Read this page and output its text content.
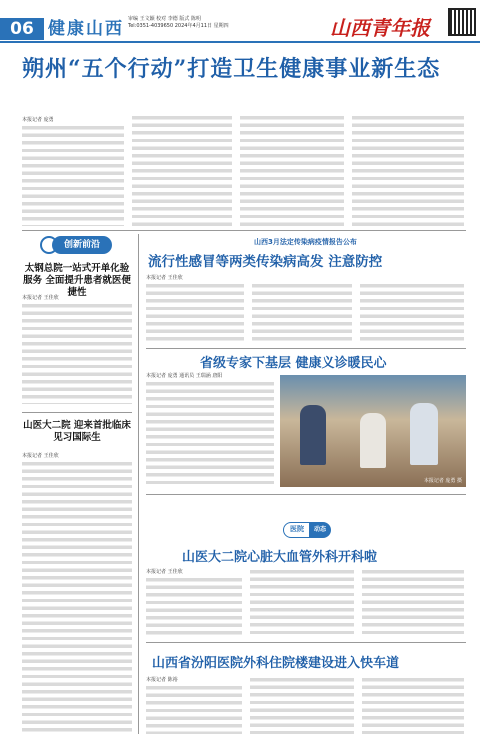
06 健康山西 审编 王文颖 校对 李德 版式 陈明
Tel:0351-4039650 2024年4月11日 星期四	山西青年报
朔州“五个行动”打造卫生健康事业新生态
本报记者 庞勇
创新前沿
太钢总院一站式开单化验服务 全面提升患者就医便捷性
本报记者 王佳欣
山医大二院 迎来首批临床见习国际生
本报记者 王佳欣
山西3月法定传染病疫情报告公布
流行性感冒等两类传染病高发 注意防控
本报记者 王佳欣
省级专家下基层 健康义诊暖民心
本报记者 庞勇 通讯员 王瑞涵 唐阳
本报记者 庞勇 摄
医院	动态
山医大二院心脏大血管外科开科啦
本报记者 王佳欣
山西省汾阳医院外科住院楼建设进入快车道
本报记者 陈裕
